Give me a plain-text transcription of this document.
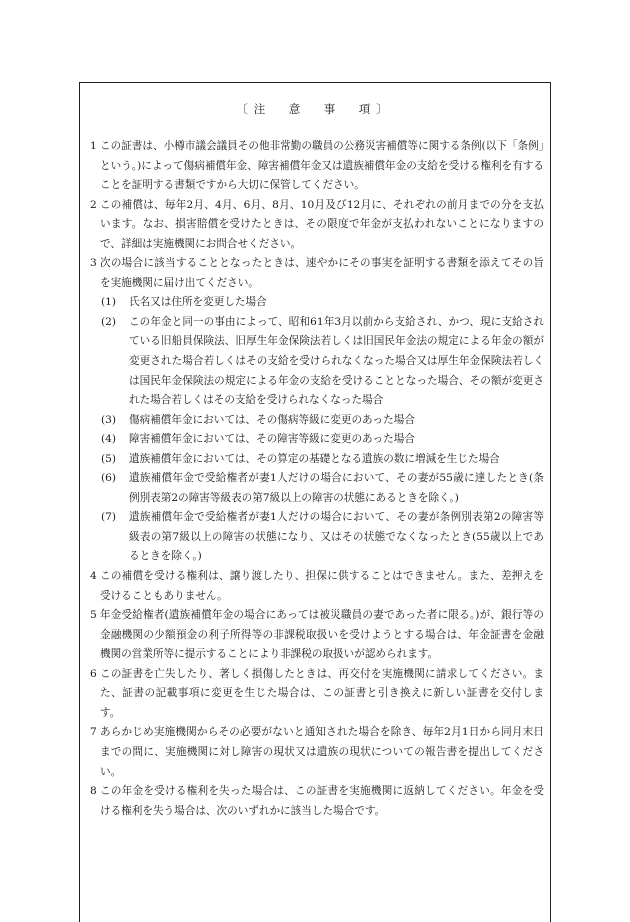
〔注　意　事　項〕
1 この証書は、小樽市議会議員その他非常勤の職員の公務災害補償等に関する条例(以下「条例」という。)によって傷病補償年金、障害補償年金又は遺族補償年金の支給を受ける権利を有することを証明する書類ですから大切に保管してください。
2 この補償は、毎年2月、4月、6月、8月、10月及び12月に、それぞれの前月までの分を支払います。なお、損害賠償を受けたときは、その限度で年金が支払われないことになりますので、詳細は実施機関にお問合せください。
3 次の場合に該当することとなったときは、速やかにその事実を証明する書類を添えてその旨を実施機関に届け出てください。
(1) 氏名又は住所を変更した場合
(2) この年金と同一の事由によって、昭和61年3月以前から支給され、かつ、現に支給されている旧船員保険法、旧厚生年金保険法若しくは旧国民年金法の規定による年金の額が変更された場合若しくはその支給を受けられなくなった場合又は厚生年金保険法若しくは国民年金保険法の規定による年金の支給を受けることとなった場合、その額が変更された場合若しくはその支給を受けられなくなった場合
(3) 傷病補償年金においては、その傷病等級に変更のあった場合
(4) 障害補償年金においては、その障害等級に変更のあった場合
(5) 遺族補償年金においては、その算定の基礎となる遺族の数に増減を生じた場合
(6) 遺族補償年金で受給権者が妻1人だけの場合において、その妻が55歳に達したとき(条例別表第2の障害等級表の第7級以上の障害の状態にあるときを除く。)
(7) 遺族補償年金で受給権者が妻1人だけの場合において、その妻が条例別表第2の障害等級表の第7級以上の障害の状態になり、又はその状態でなくなったとき(55歳以上であるときを除く。)
4 この補償を受ける権利は、譲り渡したり、担保に供することはできません。また、差押えを受けることもありません。
5 年金受給権者(遺族補償年金の場合にあっては被災職員の妻であった者に限る。)が、銀行等の金融機関の少額預金の利子所得等の非課税取扱いを受けようとする場合は、年金証書を金融機関の営業所等に提示することにより非課税の取扱いが認められます。
6 この証書を亡失したり、著しく損傷したときは、再交付を実施機関に請求してください。また、証書の記載事項に変更を生じた場合は、この証書と引き換えに新しい証書を交付します。
7 あらかじめ実施機関からその必要がないと通知された場合を除き、毎年2月1日から同月末日までの間に、実施機関に対し障害の現状又は遺族の現状についての報告書を提出してください。
8 この年金を受ける権利を失った場合は、この証書を実施機関に返納してください。年金を受ける権利を失う場合は、次のいずれかに該当した場合です。
